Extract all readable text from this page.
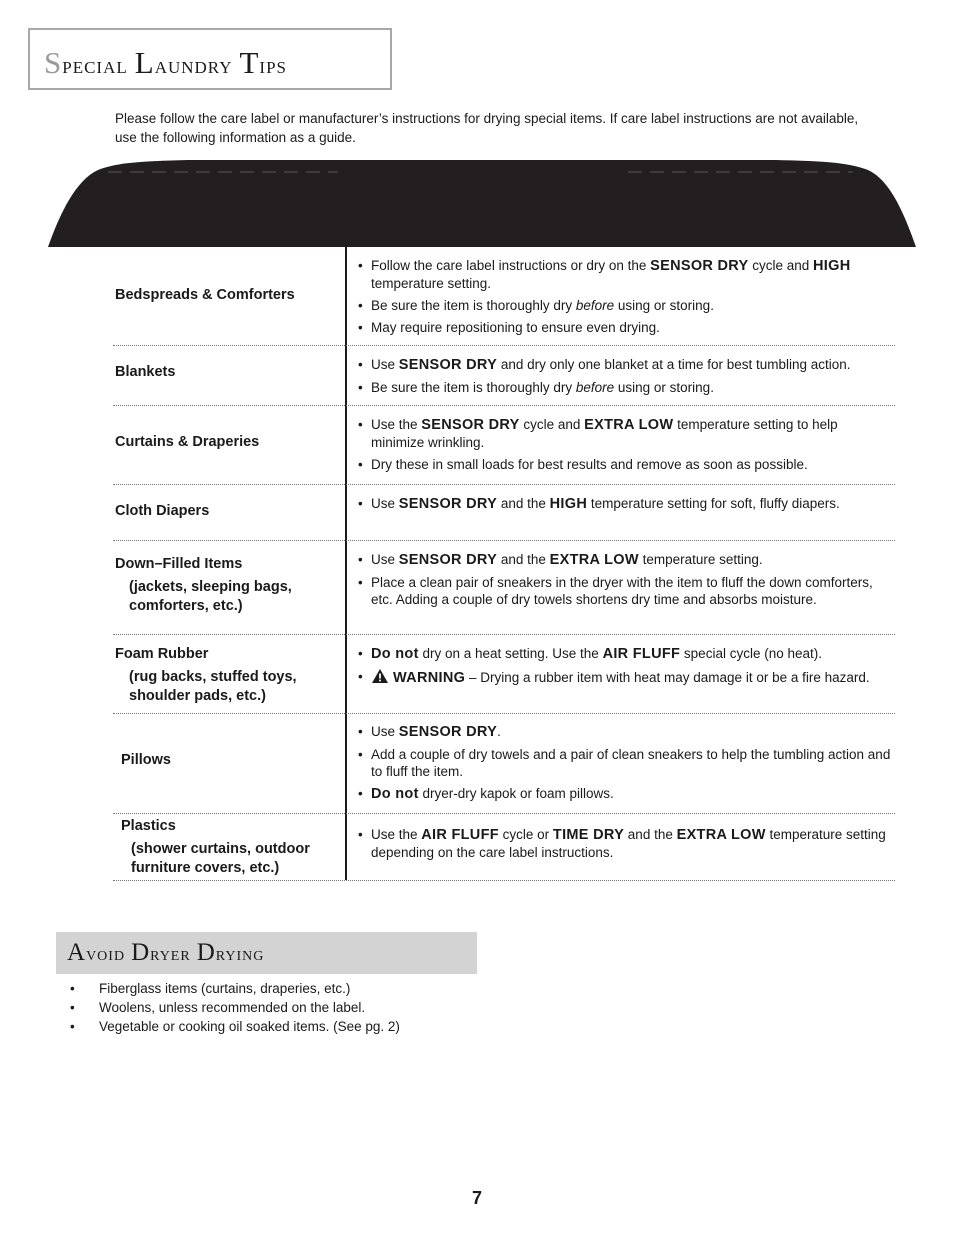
Special Laundry Tips
Please follow the care label or manufacturer’s instructions for drying special items. If care label instructions are not available, use the following information as a guide.
Bedspreads & Comforters
• Follow the care label instructions or dry on the SENSOR DRY cycle and HIGH temperature setting.
• Be sure the item is thoroughly dry before using or storing.
• May require repositioning to ensure even drying.
Blankets	• Use SENSOR DRY and dry only one blanket at a time for best tumbling action.
• Be sure the item is thoroughly dry before using or storing.
Curtains & Draperies
• Use the SENSOR DRY cycle and EXTRA LOW temperature setting to help minimize wrinkling.
• Dry these in small loads for best results and remove as soon as possible.
Cloth Diapers	• Use SENSOR DRY and the HIGH temperature setting for soft, fluffy diapers.
Down–Filled Items
(jackets, sleeping bags,
comforters, etc.)
• Use SENSOR DRY and the EXTRA LOW temperature setting.
• Place a clean pair of sneakers in the dryer with the item to fluff the down comforters, etc. Adding a couple of dry towels shortens dry time and absorbs moisture.
Foam Rubber
(rug backs, stuffed toys,
shoulder pads, etc.)
• Do not dry on a heat setting. Use the AIR FLUFF special cycle (no heat).
• WARNING – Drying a rubber item with heat may damage it or be a fire hazard.
Pillows
• Use SENSOR DRY.
• Add a couple of dry towels and a pair of clean sneakers to help the tumbling action and to fluff the item.
• Do not dryer-dry kapok or foam pillows.
Plastics
(shower curtains, outdoor
furniture covers, etc.)
• Use the AIR FLUFF cycle or TIME DRY and the EXTRA LOW temperature setting depending on the care label instructions.
Avoid Dryer Drying
• Fiberglass items (curtains, draperies, etc.)
• Woolens, unless recommended on the label.
• Vegetable or cooking oil soaked items. (See pg. 2)
7
